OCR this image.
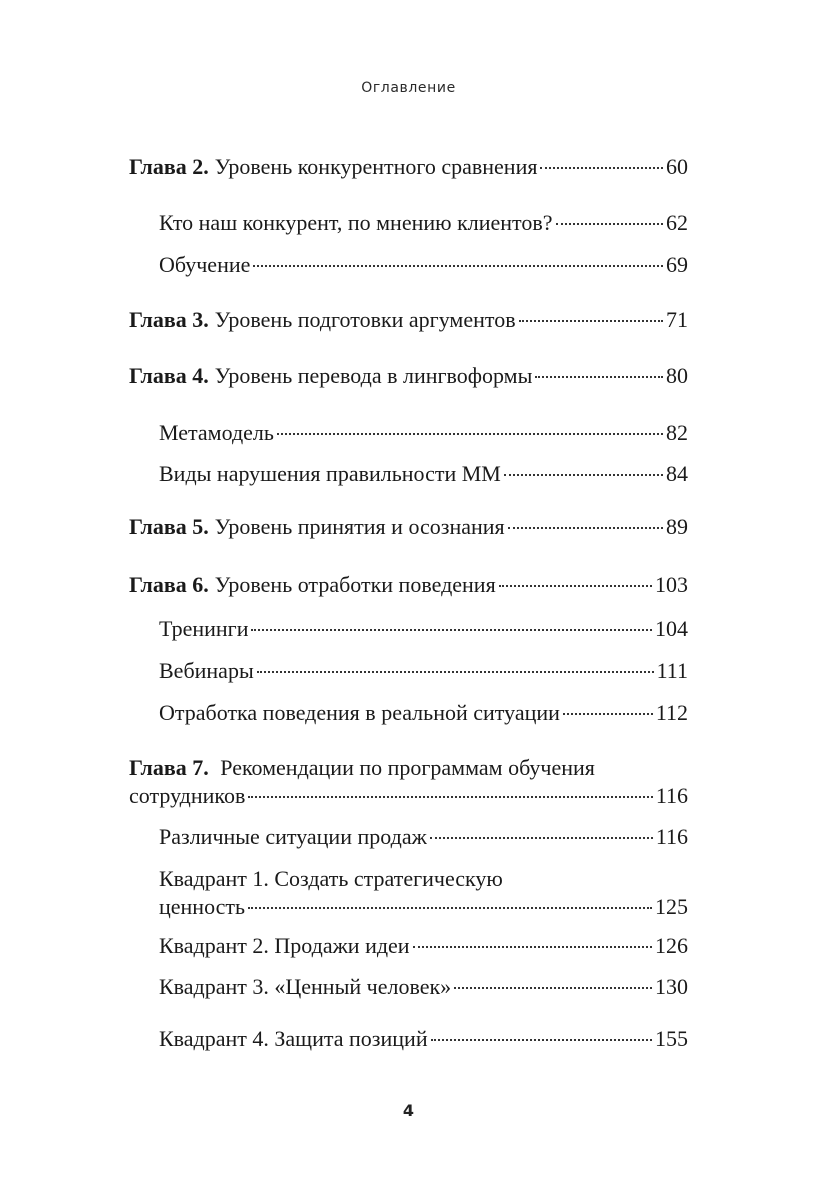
Оглавление
Глава 2. Уровень конкурентного сравнения	60
Кто наш конкурент, по мнению клиентов?	62
Обучение	69
Глава 3. Уровень подготовки аргументов	71
Глава 4. Уровень перевода в лингвоформы	80
Метамодель	82
Виды нарушения правильности ММ	84
Глава 5. Уровень принятия и осознания	89
Глава 6. Уровень отработки поведения	103
Тренинги	104
Вебинары	111
Отработка поведения в реальной ситуации	112
Глава 7. Рекомендации по программам обучения
сотрудников	116
Различные ситуации продаж	116
Квадрант 1. Создать стратегическую
ценность	125
Квадрант 2. Продажи идеи	126
Квадрант 3. «Ценный человек»	130
Квадрант 4. Защита позиций	155
4
